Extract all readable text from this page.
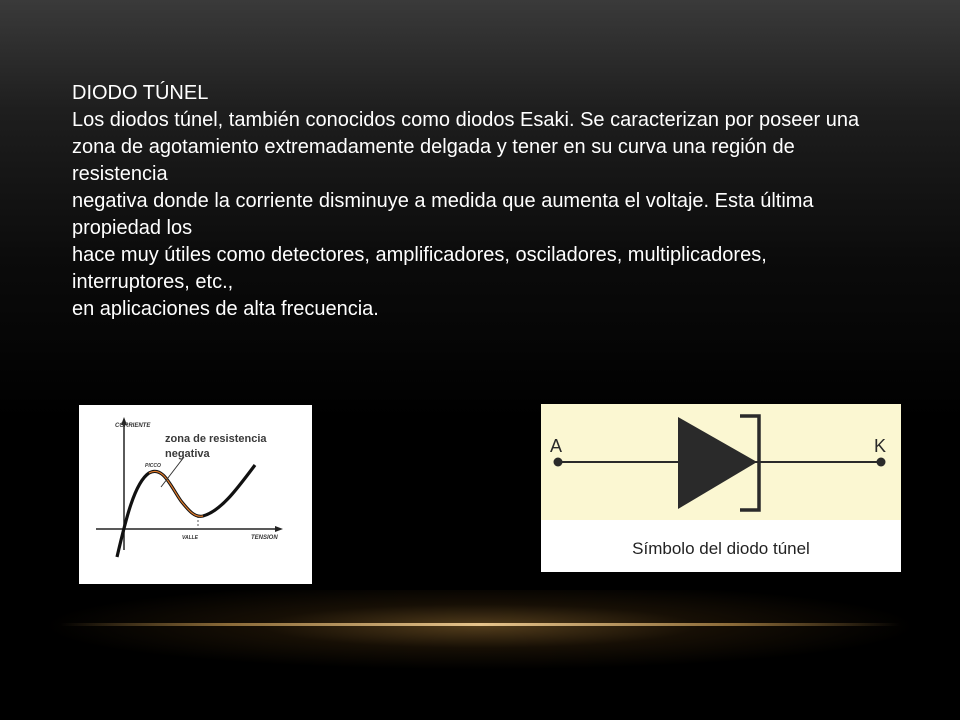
DIODO TÚNEL

Los diodos túnel, también conocidos como diodos Esaki. Se caracterizan por poseer una

zona de agotamiento extremadamente delgada y tener en su curva una región de resistencia

negativa donde la corriente disminuye a medida que aumenta el voltaje. Esta última propiedad los

hace muy útiles como detectores, amplificadores, osciladores, multiplicadores, interruptores, etc.,

en aplicaciones de alta frecuencia.

CORRIENTE
TENSION
PICCO
VALLE
zona de resistencia
negativa	A	K
Símbolo del diodo túnel
